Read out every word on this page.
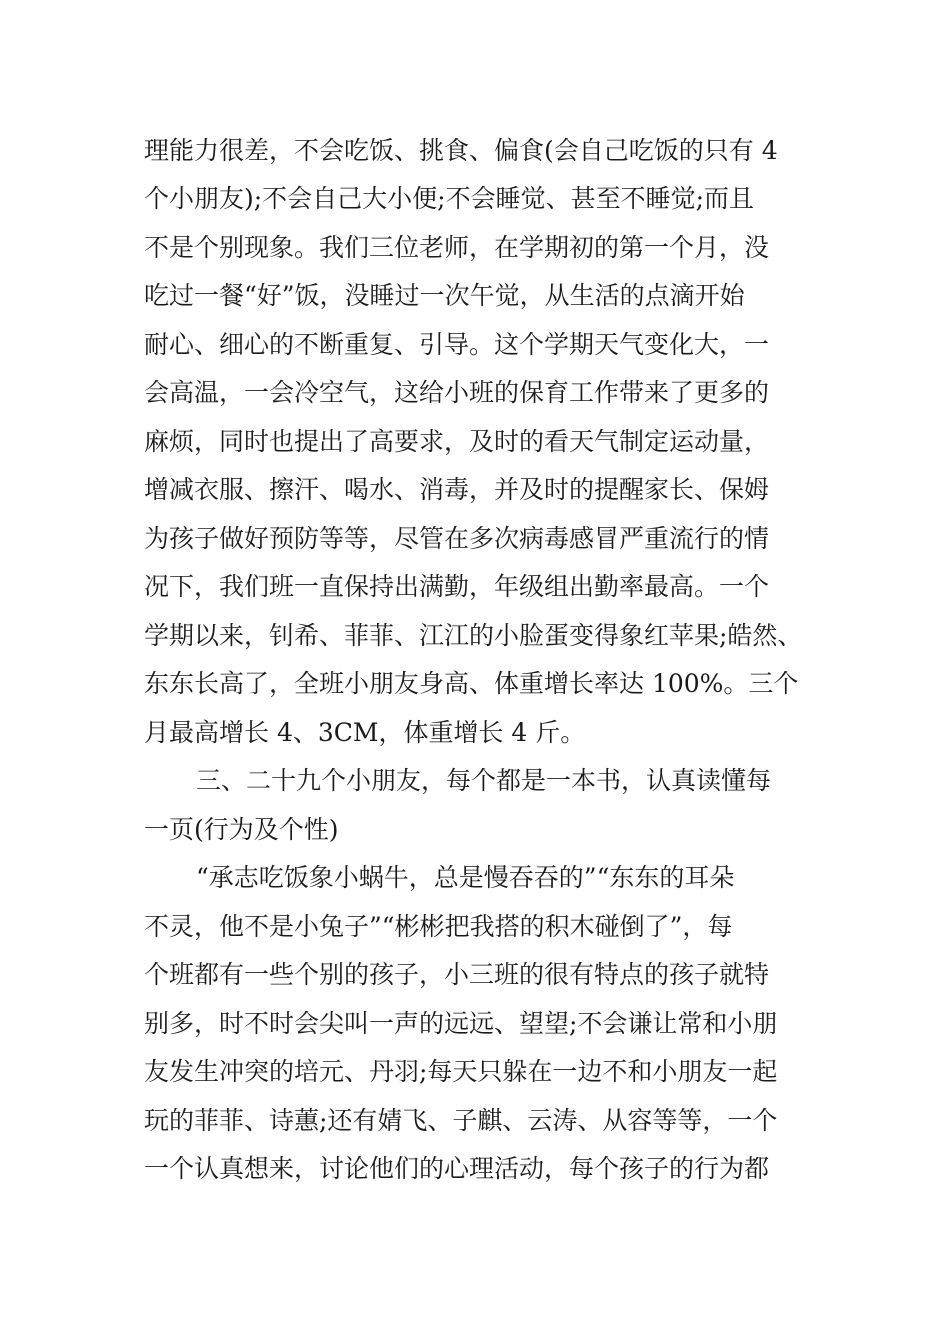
理能力很差，不会吃饭、挑食、偏食(会自己吃饭的只有 4
个小朋友);不会自己大小便;不会睡觉、甚至不睡觉;而且
不是个别现象。我们三位老师，在学期初的第一个月，没
吃过一餐“好”饭，没睡过一次午觉，从生活的点滴开始
耐心、细心的不断重复、引导。这个学期天气变化大，一
会高温，一会冷空气，这给小班的保育工作带来了更多的
麻烦，同时也提出了高要求，及时的看天气制定运动量，
增减衣服、擦汗、喝水、消毒，并及时的提醒家长、保姆
为孩子做好预防等等，尽管在多次病毒感冒严重流行的情
况下，我们班一直保持出满勤，年级组出勤率最高。一个
学期以来，钊希、菲菲、江江的小脸蛋变得象红苹果;皓然、
东东长高了，全班小朋友身高、体重增长率达 100%。三个
月最高增长 4、3CM，体重增长 4 斤。
三、二十九个小朋友，每个都是一本书，认真读懂每
一页(行为及个性)
“承志吃饭象小蜗牛，总是慢吞吞的”“东东的耳朵
不灵，他不是小兔子”“彬彬把我搭的积木碰倒了”，每
个班都有一些个别的孩子，小三班的很有特点的孩子就特
别多，时不时会尖叫一声的远远、望望;不会谦让常和小朋
友发生冲突的培元、丹羽;每天只躲在一边不和小朋友一起
玩的菲菲、诗蕙;还有婧飞、子麒、云涛、从容等等，一个
一个认真想来，讨论他们的心理活动，每个孩子的行为都
